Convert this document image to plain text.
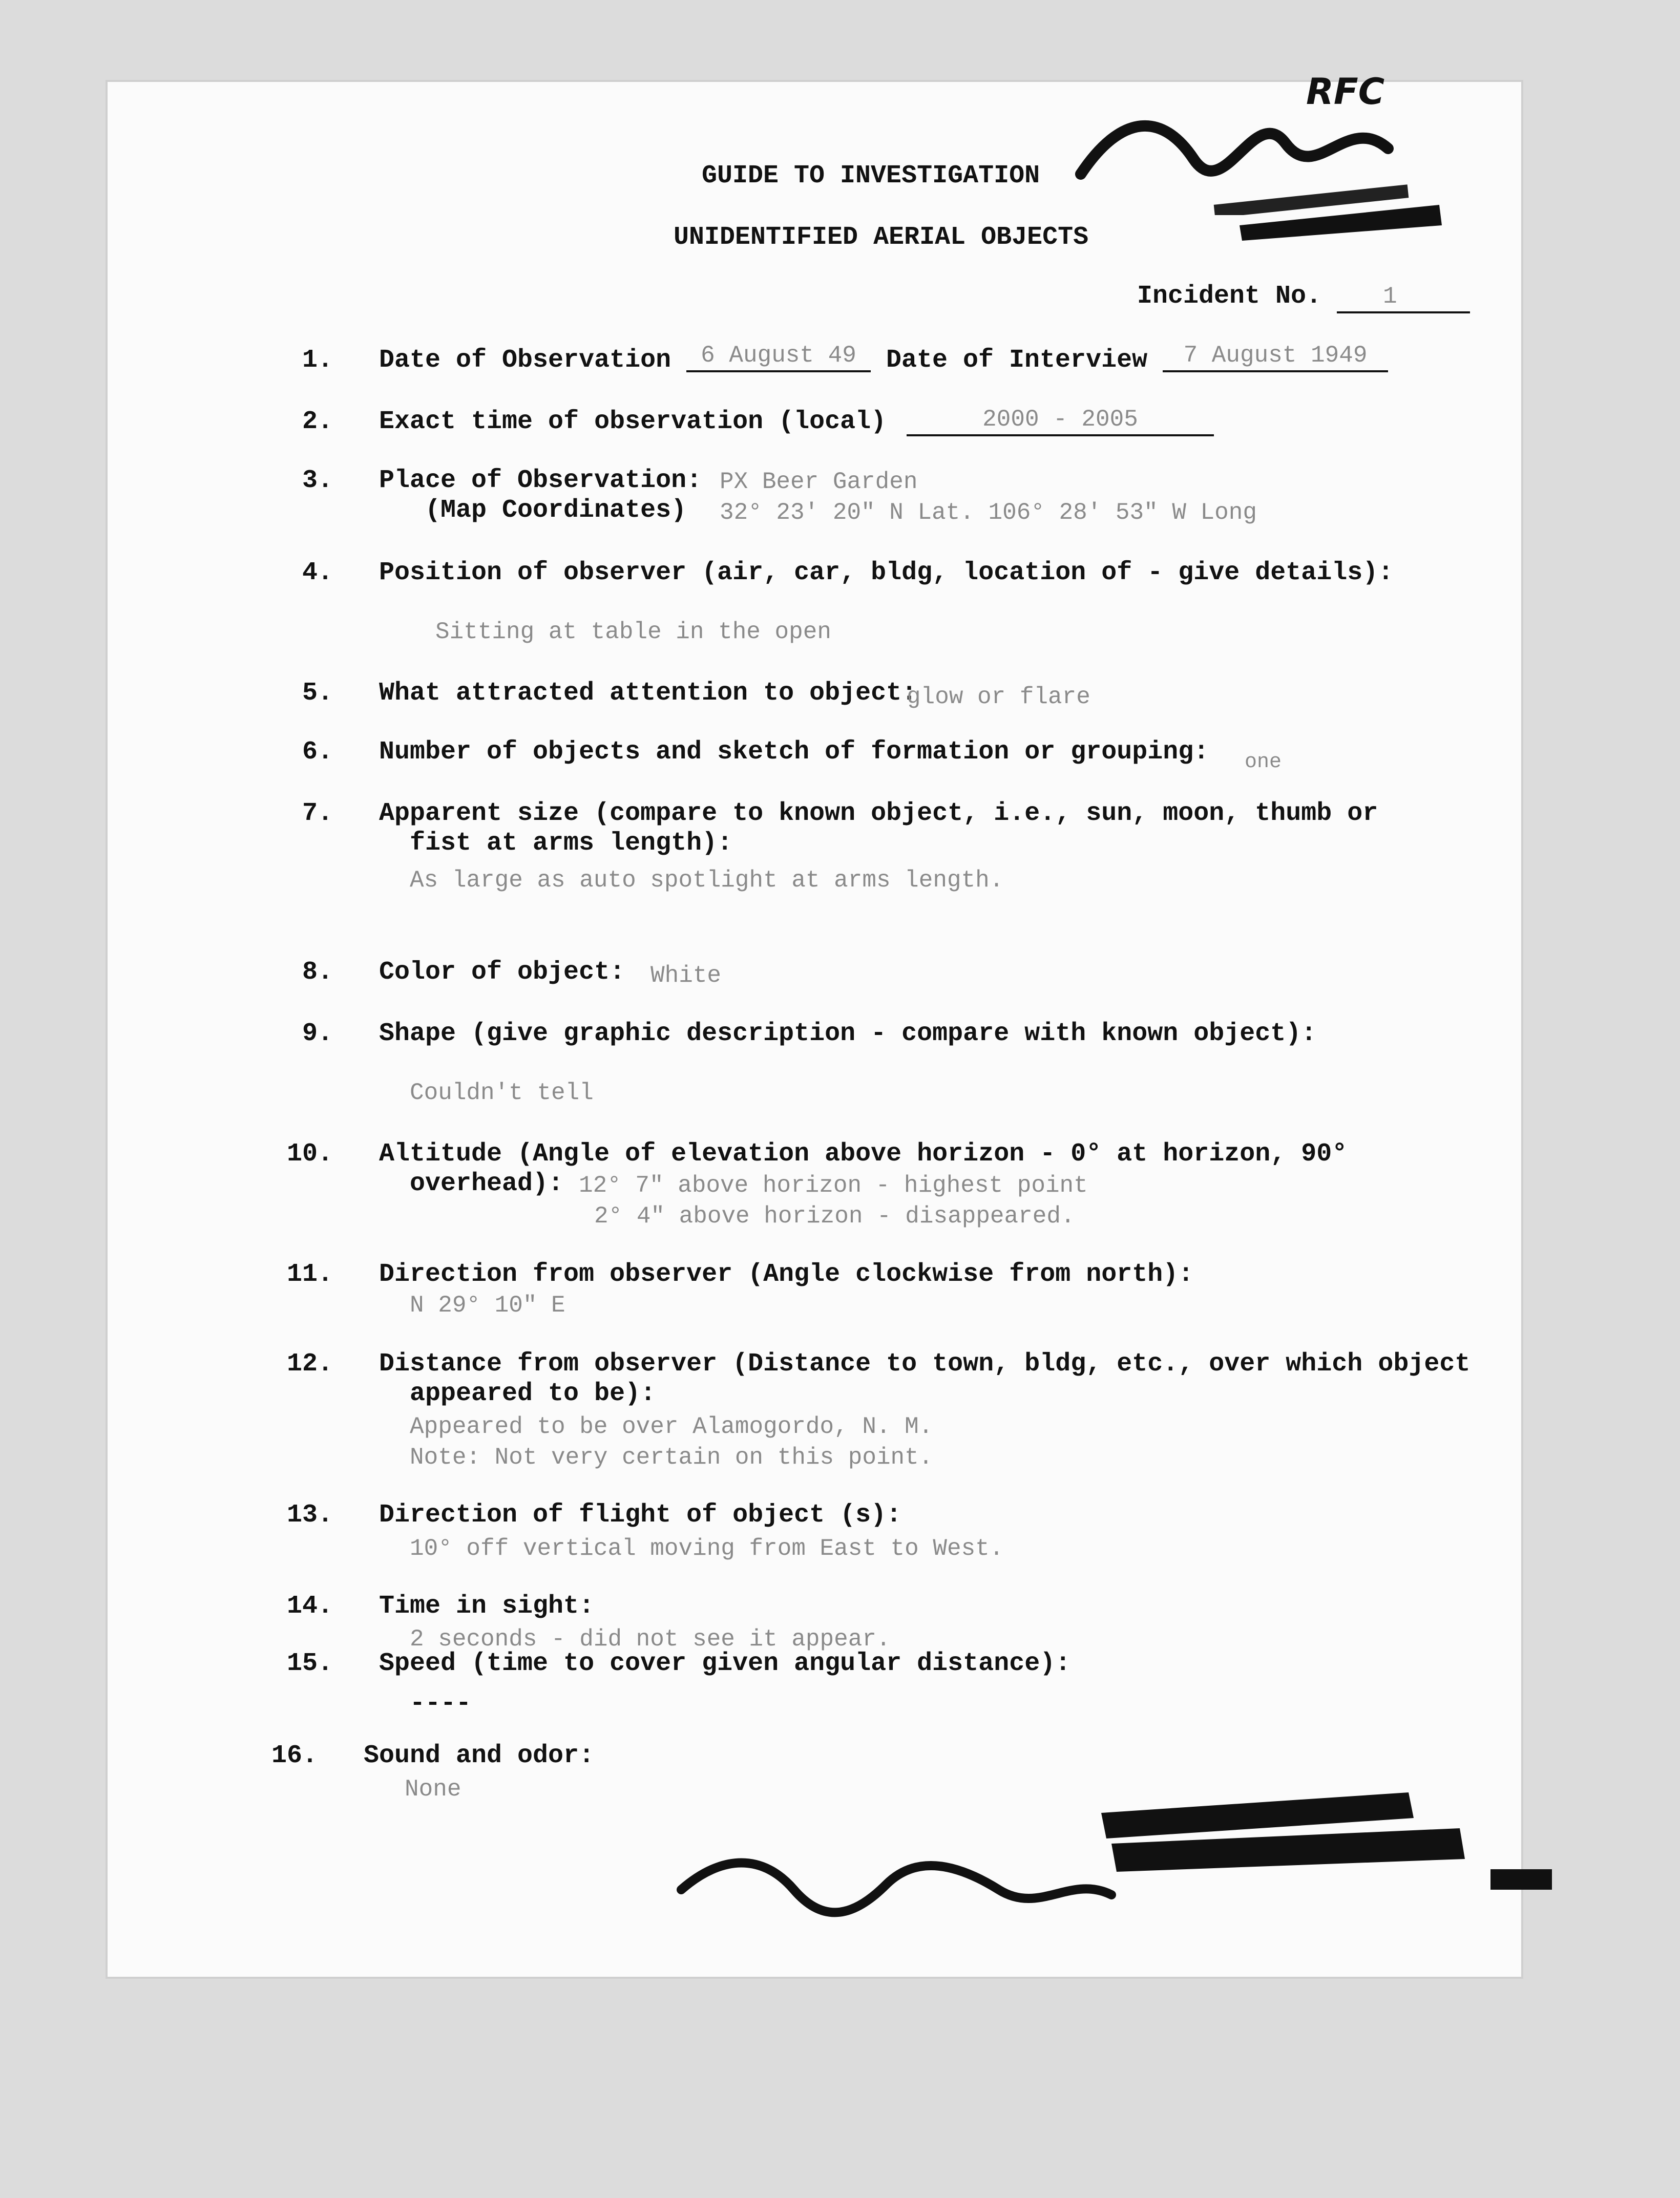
GUIDE TO INVESTIGATION
UNIDENTIFIED AERIAL OBJECTS
RFC
Incident No.	1
1. Date of Observation	6 August 49	Date of Interview	7 August 1949
2. Exact time of observation (local)	2000 - 2005
3. Place of Observation: PX Beer Garden
(Map Coordinates) 32° 23' 20" N Lat. 106° 28' 53" W Long
4. Position of observer (air, car, bldg, location of - give details):
Sitting at table in the open
5. What attracted attention to object:
glow or flare
6. Number of objects and sketch of formation or grouping: one
7. Apparent size (compare to known object, i.e., sun, moon, thumb or
fist at arms length):
As large as auto spotlight at arms length.
8. Color of object: White
9. Shape (give graphic description - compare with known object):
Couldn't tell
10. Altitude (Angle of elevation above horizon - 0° at horizon, 90°
overhead): 12° 7" above horizon - highest point
2° 4" above horizon - disappeared.
11. Direction from observer (Angle clockwise from north):
N 29° 10" E
12. Distance from observer (Distance to town, bldg, etc., over which object
appeared to be):
Appeared to be over Alamogordo, N. M.
Note: Not very certain on this point.
13. Direction of flight of object (s):
10° off vertical moving from East to West.
14. Time in sight:
2 seconds - did not see it appear.
15. Speed (time to cover given angular distance):
----
16. Sound and odor:
None
